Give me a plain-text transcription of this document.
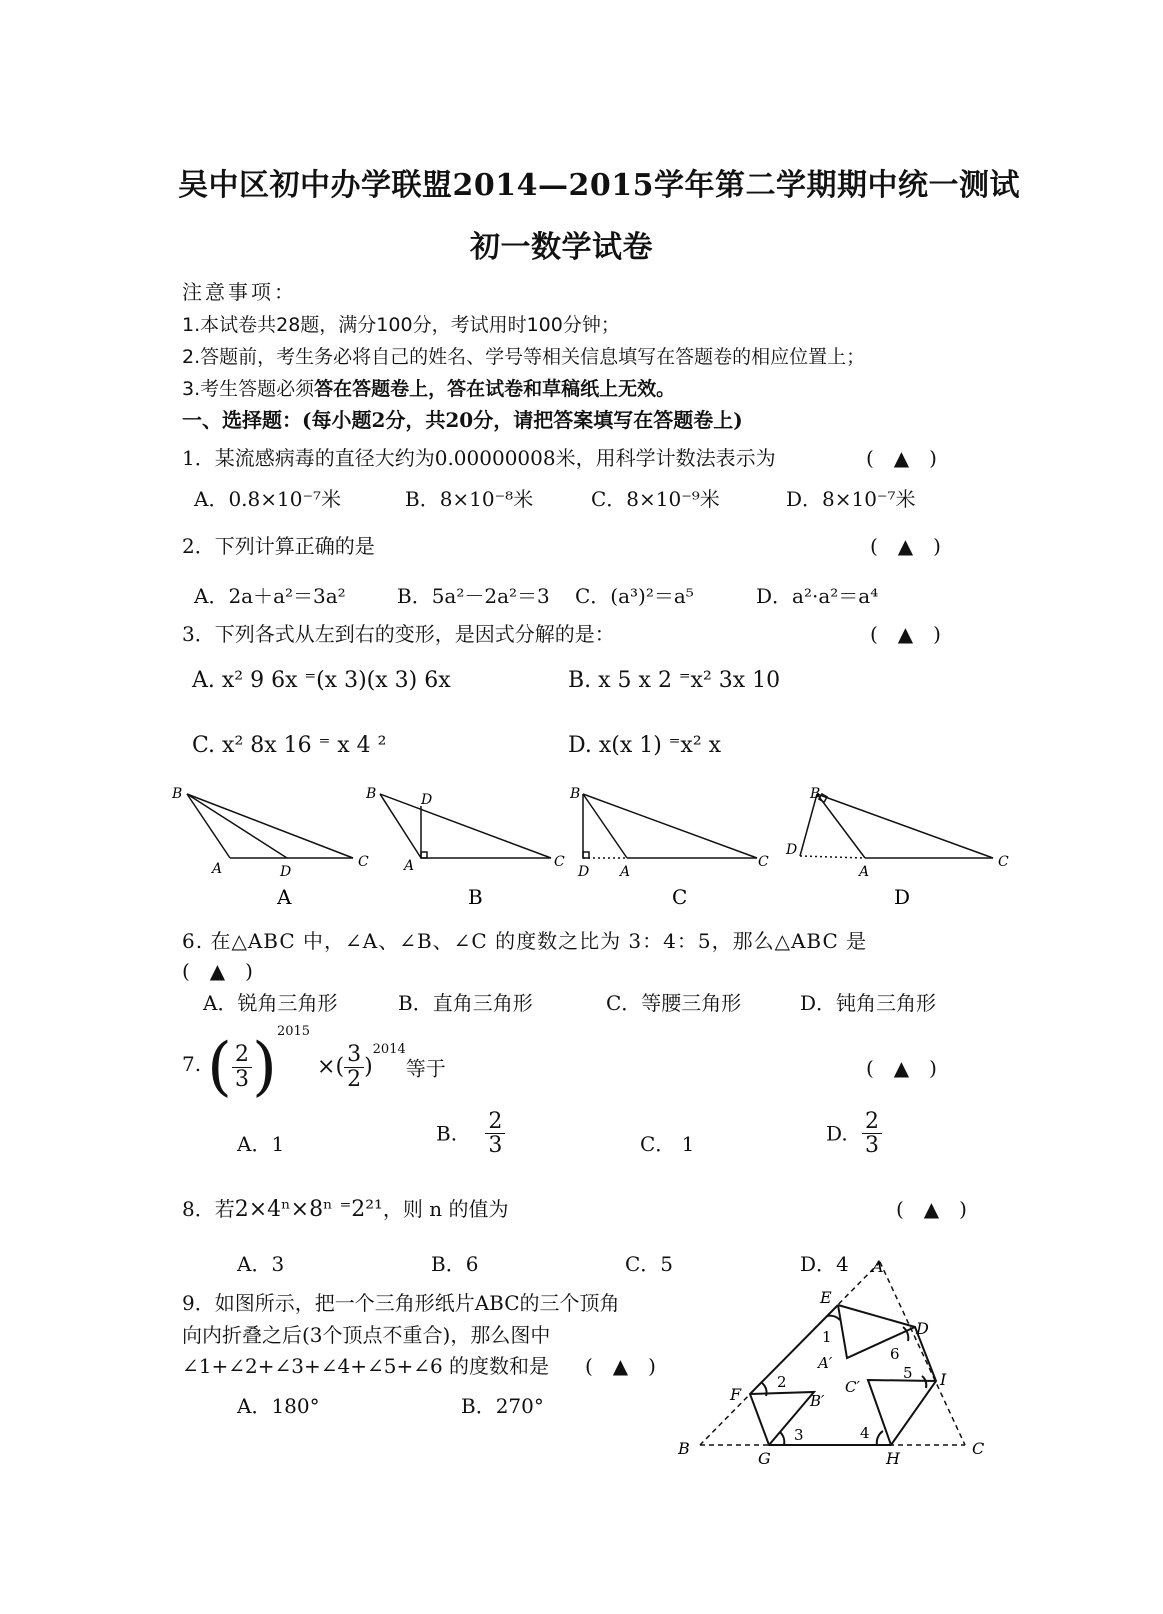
吴中区初中办学联盟2014—2015学年第二学期期中统一测试
初一数学试卷
注意事项：
1.本试卷共28题，满分100分，考试用时100分钟；
2.答题前，考生务必将自己的姓名、学号等相关信息填写在答题卷的相应位置上；
3.考生答题必须答在答题卷上，答在试卷和草稿纸上无效。
一、选择题：(每小题2分，共20分，请把答案填写在答题卷上)
1．某流感病毒的直径大约为0.00000008米，用科学计数法表示为	(　▲　)
A．0.8×10⁻⁷米	B．8×10⁻⁸米	C．8×10⁻⁹米	D．8×10⁻⁷米
2．下列计算正确的是	(　▲　)
A．2a＋a²＝3a²	B．5a²－2a²＝3 C．(a³)²＝a⁵	D．a²·a²＝a⁴
3．下列各式从左到右的变形，是因式分解的是：	(　▲　)
A. x² 9 6x ⁼(x 3)(x 3) 6x	B. x 5 x 2 ⁼x² 3x 10
C. x² 8x 16 ⁼ x 4 ²	D. x(x 1) ⁼x² x
B
A	D
C
A
B	D
A	C
B
B
D A
C
C
B
D
A
C
D
6. 在△ABC 中，∠A、∠B、∠C 的度数之比为 3：4：5，那么△ABC 是
(　▲　)
A．锐角三角形	B．直角三角形	C．等腰三角形	D．钝角三角形
7. ( $\frac{2}{3} )^{2015}$ ×( $\frac{3}{2} )^{2014}$等于	(　▲　)
A．1	B. $\frac{2}{3}$	C． 1	D. $\frac{2}{3}$
8．若2×4ⁿ×8ⁿ ⁼2²¹，则 n 的值为	(　▲　)
A．3	B．6	C．5	D．4
9．如图所示，把一个三角形纸片ABC的三个顶角
向内折叠之后(3个顶点不重合)，那么图中
∠1+∠2+∠3+∠4+∠5+∠6 的度数和是 (　▲　)
A．180°	B．270°
A
B	C
E
D
F
I
G	H
A′
B′
C′
1
2
3	4
5
6
